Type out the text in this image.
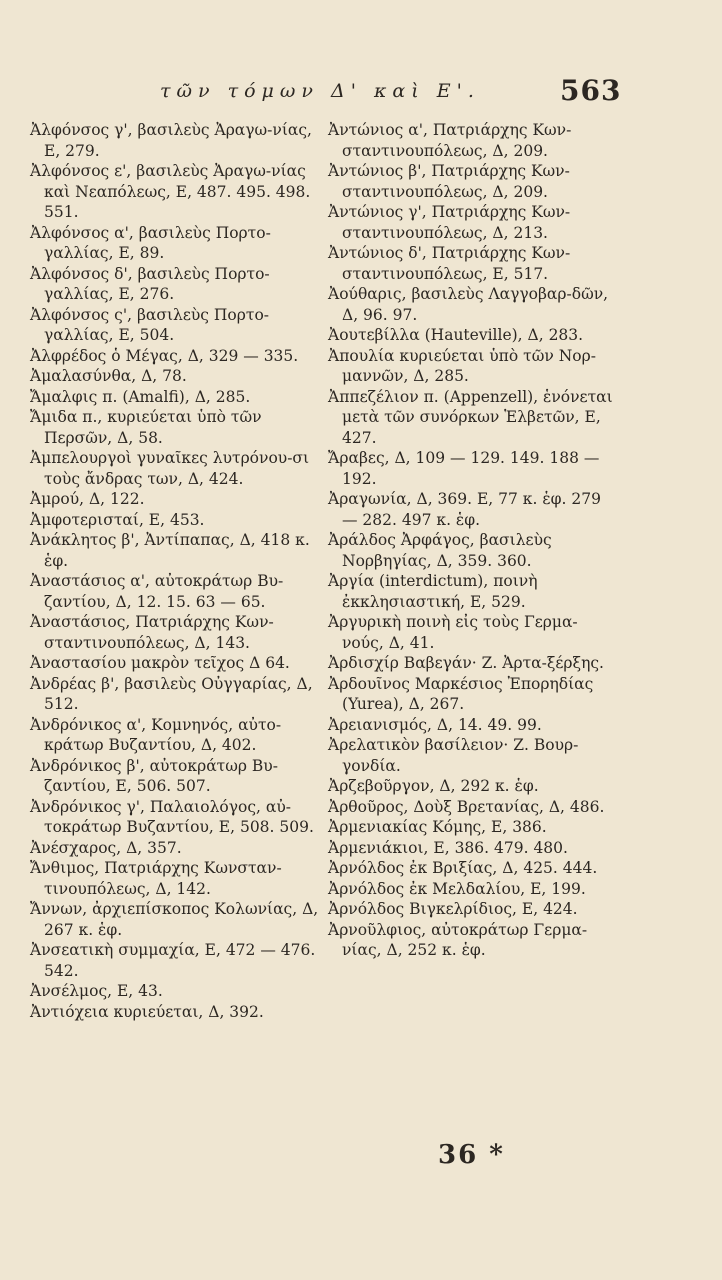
τῶν τόμων Δ' καὶ Ε'.	563

Ἀλφόνσος γ', βασιλεὺς Ἀραγω-νίας, Ε, 279.

Ἀλφόνσος ε', βασιλεὺς Ἀραγω-νίας καὶ Νεαπόλεως, Ε, 487. 495. 498. 551.

Ἀλφόνσος α', βασιλεὺς Πορτο-γαλλίας, Ε, 89.

Ἀλφόνσος δ', βασιλεὺς Πορτο-γαλλίας, Ε, 276.

Ἀλφόνσος ς', βασιλεὺς Πορτο-γαλλίας, Ε, 504.

Ἀλφρέδος ὁ Μέγας, Δ, 329 — 335.

Ἀμαλασύνθα, Δ, 78.

Ἄμαλφις π. (Amalfi), Δ, 285.

Ἄμιδα π., κυριεύεται ὑπὸ τῶν Περσῶν, Δ, 58.

Ἀμπελουργοὶ γυναῖκες λυτρόνου-σι τοὺς ἄνδρας των, Δ, 424.

Ἀμρού, Δ, 122.

Ἀμφοτερισταί, Ε, 453.

Ἀνάκλητος β', Ἀντίπαπας, Δ, 418 κ. ἑφ.

Ἀναστάσιος α', αὐτοκράτωρ Βυ-ζαντίου, Δ, 12. 15. 63 — 65.

Ἀναστάσιος, Πατριάρχης Κων-σταντινουπόλεως, Δ, 143.

Ἀναστασίου μακρὸν τεῖχος Δ 64.

Ἀνδρέας β', βασιλεὺς Οὐγγαρίας, Δ, 512.

Ἀνδρόνικος α', Κομνηνός, αὐτο-κράτωρ Βυζαντίου, Δ, 402.

Ἀνδρόνικος β', αὐτοκράτωρ Βυ-ζαντίου, Ε, 506. 507.

Ἀνδρόνικος γ', Παλαιολόγος, αὐ-τοκράτωρ Βυζαντίου, Ε, 508. 509.

Ἀνέσχαρος, Δ, 357.

Ἄνθιμος, Πατριάρχης Κωνσταν-τινουπόλεως, Δ, 142.

Ἄννων, ἀρχιεπίσκοπος Κολωνίας, Δ, 267 κ. ἑφ.

Ἀνσεατικὴ συμμαχία, Ε, 472 — 476. 542.

Ἀνσέλμος, Ε, 43.

Ἀντιόχεια κυριεύεται, Δ, 392.

Ἀντώνιος α', Πατριάρχης Κων-σταντινουπόλεως, Δ, 209.

Ἀντώνιος β', Πατριάρχης Κων-σταντινουπόλεως, Δ, 209.

Ἀντώνιος γ', Πατριάρχης Κων-σταντινουπόλεως, Δ, 213.

Ἀντώνιος δ', Πατριάρχης Κων-σταντινουπόλεως, Ε, 517.

Ἀούθαρις, βασιλεὺς Λαγγοβαρ-δῶν, Δ, 96. 97.

Ἀουτεβίλλα (Hauteville), Δ, 283.

Ἀπουλία κυριεύεται ὑπὸ τῶν Νορ-μαννῶν, Δ, 285.

Ἀππεζέλιον π. (Appenzell), ἑνόνεται μετὰ τῶν συνόρκων Ἑλβετῶν, Ε, 427.

Ἄραβες, Δ, 109 — 129. 149. 188 — 192.

Ἀραγωνία, Δ, 369. Ε, 77 κ. ἑφ. 279 — 282. 497 κ. ἑφ.

Ἀράλδος Ἀρφάγος, βασιλεὺς Νορβηγίας, Δ, 359. 360.

Ἀργία (interdictum), ποινὴ ἐκκλησιαστική, Ε, 529.

Ἀργυρικὴ ποινὴ εἰς τοὺς Γερμα-νούς, Δ, 41.

Ἀρδισχίρ Βαβεγάν· Ζ. Ἀρτα-ξέρξης.

Ἀρδουῖνος Μαρκέσιος Ἐπορηδίας (Yurea), Δ, 267.

Ἀρειανισμός, Δ, 14. 49. 99.

Ἀρελατικὸν βασίλειον· Ζ. Βουρ-γονδία.

Ἀρζεβοῦργον, Δ, 292 κ. ἑφ.

Ἀρθοῦρος, Δοὺξ Βρετανίας, Δ, 486.

Ἀρμενιακίας Κόμης, Ε, 386.

Ἀρμενιάκιοι, Ε, 386. 479. 480.

Ἀρνόλδος ἐκ Βριξίας, Δ, 425. 444.

Ἀρνόλδος ἐκ Μελδαλίου, Ε, 199.

Ἀρνόλδος Βιγκελρίδιος, Ε, 424.

Ἀρνοῦλφιος, αὐτοκράτωρ Γερμα-νίας, Δ, 252 κ. ἑφ.

36 *
